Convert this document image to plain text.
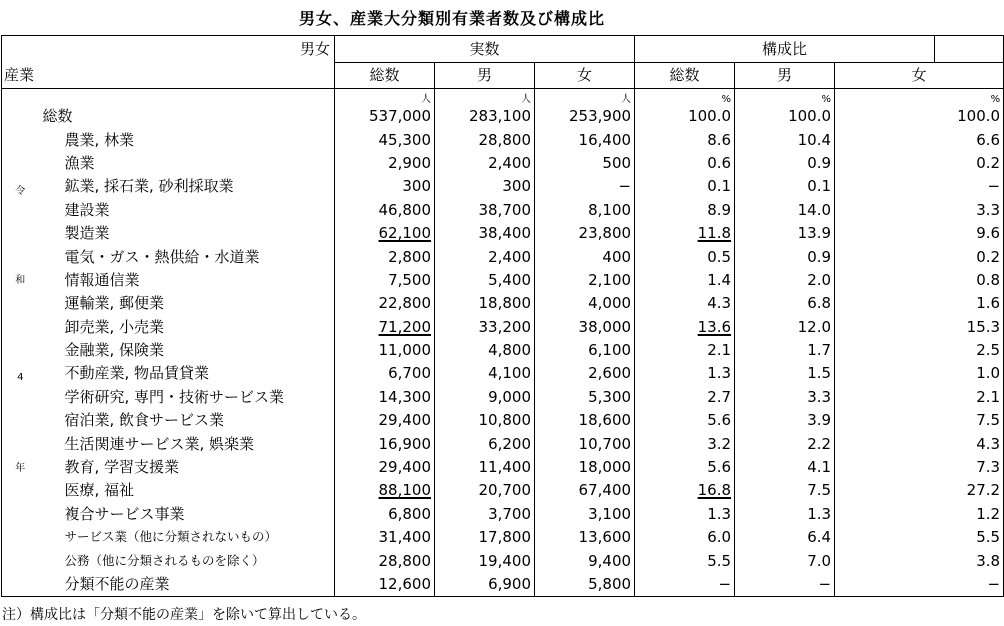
男女、産業大分類別有業者数及び構成比
男女		実数			構成比			
産業		総数	男	女	総数	男	女	

令
和
4
年		人	人	人	%	%	%	
	総数	537,000	283,100	253,900	100.0	100.0	100.0	
	農業, 林業	45,300	28,800	16,400	8.6	10.4	6.6	
	漁業	2,900	2,400	500	0.6	0.9	0.2	
	鉱業, 採石業, 砂利採取業	300	300	−	0.1	0.1	−	
	建設業	46,800	38,700	8,100	8.9	14.0	3.3	
	製造業	62,100	38,400	23,800	11.8	13.9	9.6	
	電気・ガス・熱供給・水道業	2,800	2,400	400	0.5	0.9	0.2	
	情報通信業	7,500	5,400	2,100	1.4	2.0	0.8	
	運輸業, 郵便業	22,800	18,800	4,000	4.3	6.8	1.6	
	卸売業, 小売業	71,200	33,200	38,000	13.6	12.0	15.3	
	金融業, 保険業	11,000	4,800	6,100	2.1	1.7	2.5	
	不動産業, 物品賃貸業	6,700	4,100	2,600	1.3	1.5	1.0	
	学術研究, 専門・技術サービス業	14,300	9,000	5,300	2.7	3.3	2.1	
	宿泊業, 飲食サービス業	29,400	10,800	18,600	5.6	3.9	7.5	
	生活関連サービス業, 娯楽業	16,900	6,200	10,700	3.2	2.2	4.3	
	教育, 学習支援業	29,400	11,400	18,000	5.6	4.1	7.3	
	医療, 福祉	88,100	20,700	67,400	16.8	7.5	27.2	
	複合サービス事業	6,800	3,700	3,100	1.3	1.3	1.2	
	サービス業（他に分類されないもの）	31,400	17,800	13,600	6.0	6.4	5.5	
	公務（他に分類されるものを除く）	28,800	19,400	9,400	5.5	7.0	3.8	
	分類不能の産業	12,600	6,900	5,800	−	−	−	
注）構成比は「分類不能の産業」を除いて算出している。
